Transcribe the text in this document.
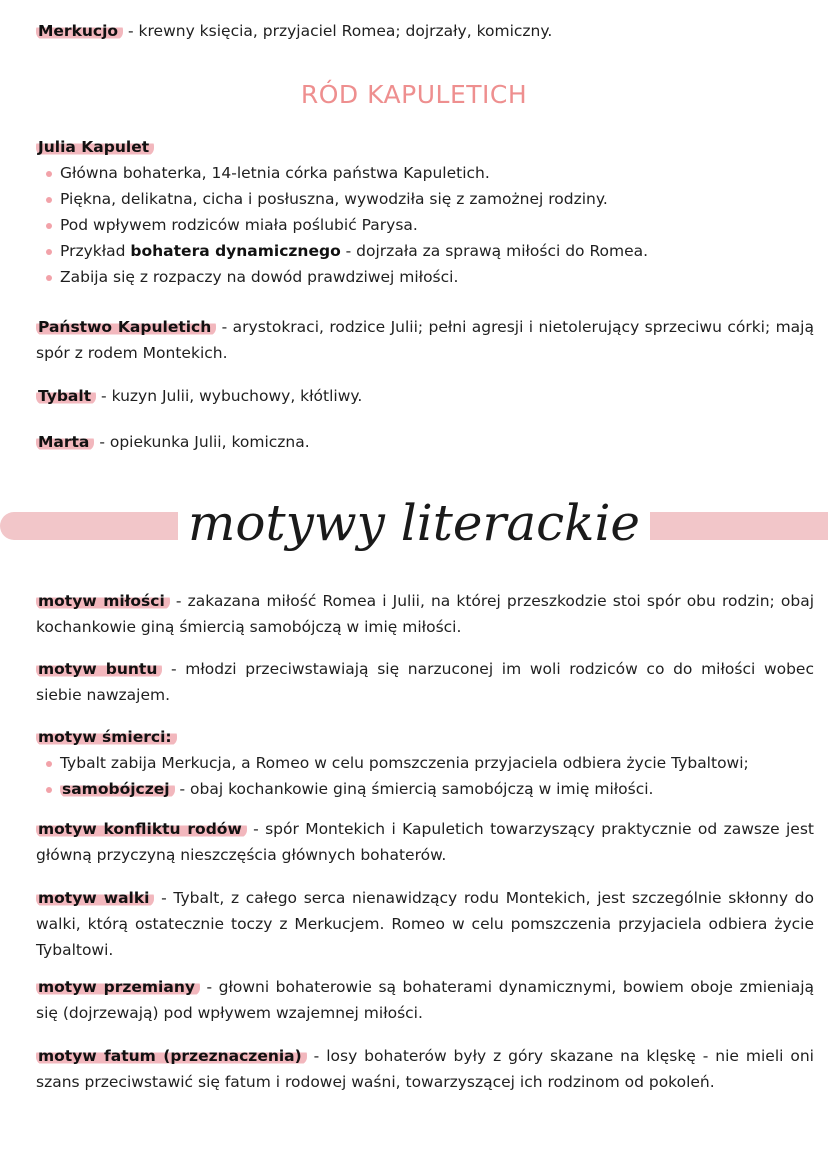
Merkucjo - krewny księcia, przyjaciel Romea; dojrzały, komiczny.
RÓD KAPULETICH
Julia Kapulet
Główna bohaterka, 14-letnia córka państwa Kapuletich.
Piękna, delikatna, cicha i posłuszna, wywodziła się z zamożnej rodziny.
Pod wpływem rodziców miała poślubić Parysa.
Przykład bohatera dynamicznego - dojrzała za sprawą miłości do Romea.
Zabija się z rozpaczy na dowód prawdziwej miłości.
Państwo Kapuletich - arystokraci, rodzice Julii; pełni agresji i nietolerujący sprzeciwu córki; mają spór z rodem Montekich.
Tybalt - kuzyn Julii, wybuchowy, kłótliwy.
Marta - opiekunka Julii, komiczna.
motywy literackie
motyw miłości - zakazana miłość Romea i Julii, na której przeszkodzie stoi spór obu rodzin; obaj kochankowie giną śmiercią samobójczą w imię miłości.
motyw buntu - młodzi przeciwstawiają się narzuconej im woli rodziców co do miłości wobec siebie nawzajem.
motyw śmierci:
Tybalt zabija Merkucja, a Romeo w celu pomszczenia przyjaciela odbiera życie Tybaltowi;
samobójczej - obaj kochankowie giną śmiercią samobójczą w imię miłości.
motyw konfliktu rodów - spór Montekich i Kapuletich towarzyszący praktycznie od zawsze jest główną przyczyną nieszczęścia głównych bohaterów.
motyw walki - Tybalt, z całego serca nienawidzący rodu Montekich, jest szczególnie skłonny do walki, którą ostatecznie toczy z Merkucjem. Romeo w celu pomszczenia przyjaciela odbiera życie Tybaltowi.
motyw przemiany - głowni bohaterowie są bohaterami dynamicznymi, bowiem oboje zmieniają się (dojrzewają) pod wpływem wzajemnej miłości.
motyw fatum (przeznaczenia) - losy bohaterów były z góry skazane na klęskę - nie mieli oni szans przeciwstawić się fatum i rodowej waśni, towarzyszącej ich rodzinom od pokoleń.
